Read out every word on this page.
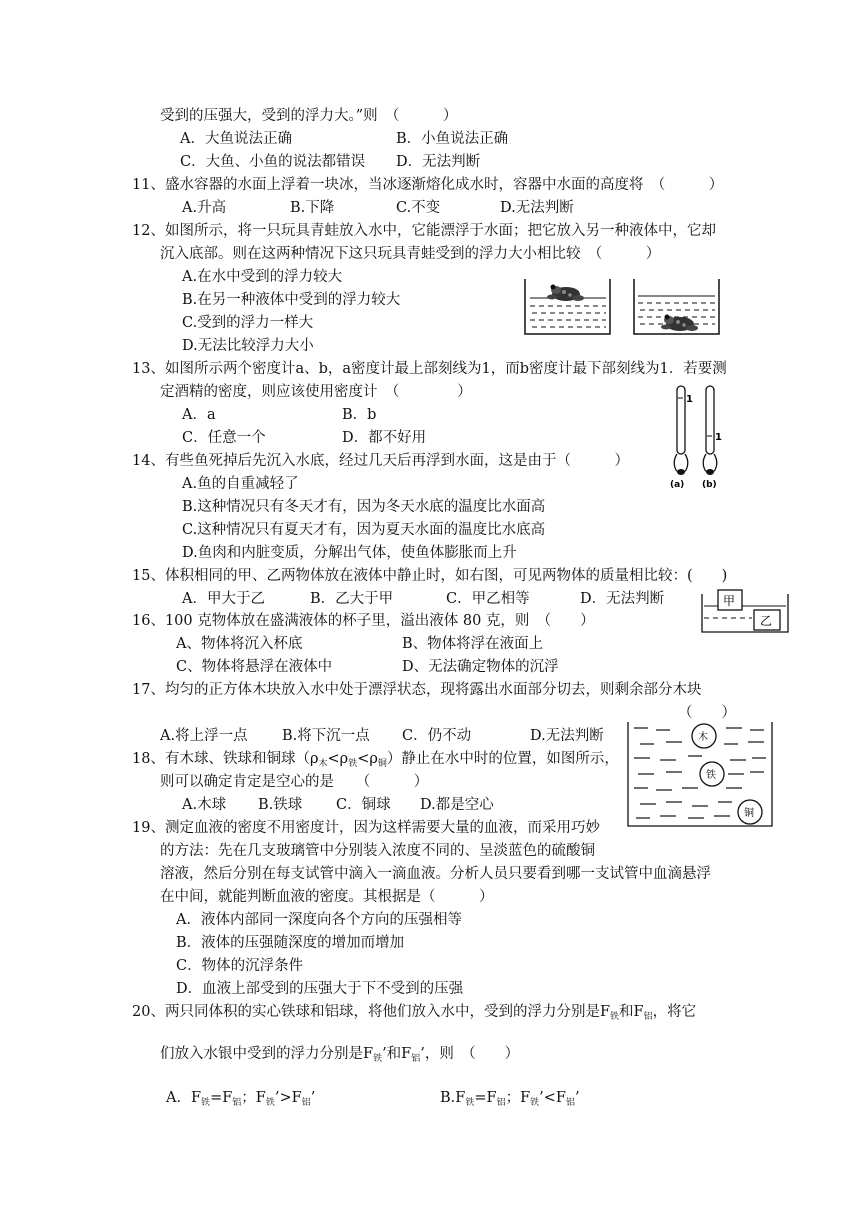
受到的压强大，受到的浮力大。”则　（　　　）
A．大鱼说法正确	B．小鱼说法正确
C．大鱼、小鱼的说法都错误 D．无法判断
11、盛水容器的水面上浮着一块冰，当冰逐渐熔化成水时，容器中水面的高度将　（　　　）
A.升高	B.下降	C.不变	D.无法判断
12、如图所示，将一只玩具青蛙放入水中，它能漂浮于水面；把它放入另一种液体中，它却
沉入底部。则在这两种情况下这只玩具青蛙受到的浮力大小相比较　（　　　）
A.在水中受到的浮力较大
B.在另一种液体中受到的浮力较大
C.受到的浮力一样大
D.无法比较浮力大小
13、如图所示两个密度计a、b，a密度计最上部刻线为1，而b密度计最下部刻线为1．若要测
定酒精的密度，则应该使用密度计　（　　　　）
A．a	B．b
C．任意一个	D．都不好用
1
(a)
1
(b)
14、有些鱼死掉后先沉入水底，经过几天后再浮到水面，这是由于（　　　）
A.鱼的自重减轻了
B.这种情况只有冬天才有，因为冬天水底的温度比水面高
C.这种情况只有夏天才有，因为夏天水面的温度比水底高
D.鱼肉和内脏变质，分解出气体，使鱼体膨胀而上升
15、体积相同的甲、乙两物体放在液体中静止时，如右图，可见两物体的质量相比较：(　　)
A．甲大于乙	B．乙大于甲	C．甲乙相等	D．无法判断	甲
乙
16、100 克物体放在盛满液体的杯子里，溢出液体 80 克，则　（　　）
A、物体将沉入杯底	B、物体将浮在液面上
C、物体将悬浮在液体中	D、无法确定物体的沉浮
17、均匀的正方体木块放入水中处于漂浮状态，现将露出水面部分切去，则剩余部分木块
（　　）
A.将上浮一点 B.将下沉一点 C．仍不动	D.无法判断
18、有木球、铁球和铜球$(\rho_木<\rho_铁<\rho_铜)$静止在水中时的位置，如图所示，
则可以确定肯定是空心的是　　（　　　）
A.木球 B.铁球 C．铜球 D.都是空心
木
铁
铜
19、测定血液的密度不用密度计，因为这样需要大量的血液，而采用巧妙
的方法：先在几支玻璃管中分别装入浓度不同的、呈淡蓝色的硫酸铜
溶液，然后分别在每支试管中滴入一滴血液。分析人员只要看到哪一支试管中血滴悬浮
在中间，就能判断血液的密度。其根据是（　　　）
A．液体内部同一深度向各个方向的压强相等
B．液体的压强随深度的增加而增加
C．物体的沉浮条件
D．血液上部受到的压强大于下不受到的压强
20、两只同体积的实心铁球和铝球，将他们放入水中，受到的浮力分别是$F_铁$和$F_铝$，将它
们放入水银中受到的浮力分别是$F_铁$’和$F_铝$’，则　（　　）
A．$F_铁=F_铝$；$F_铁’>F_铝$’	$B.F_铁=F_铝$；$F_铁’<F_铝$’
